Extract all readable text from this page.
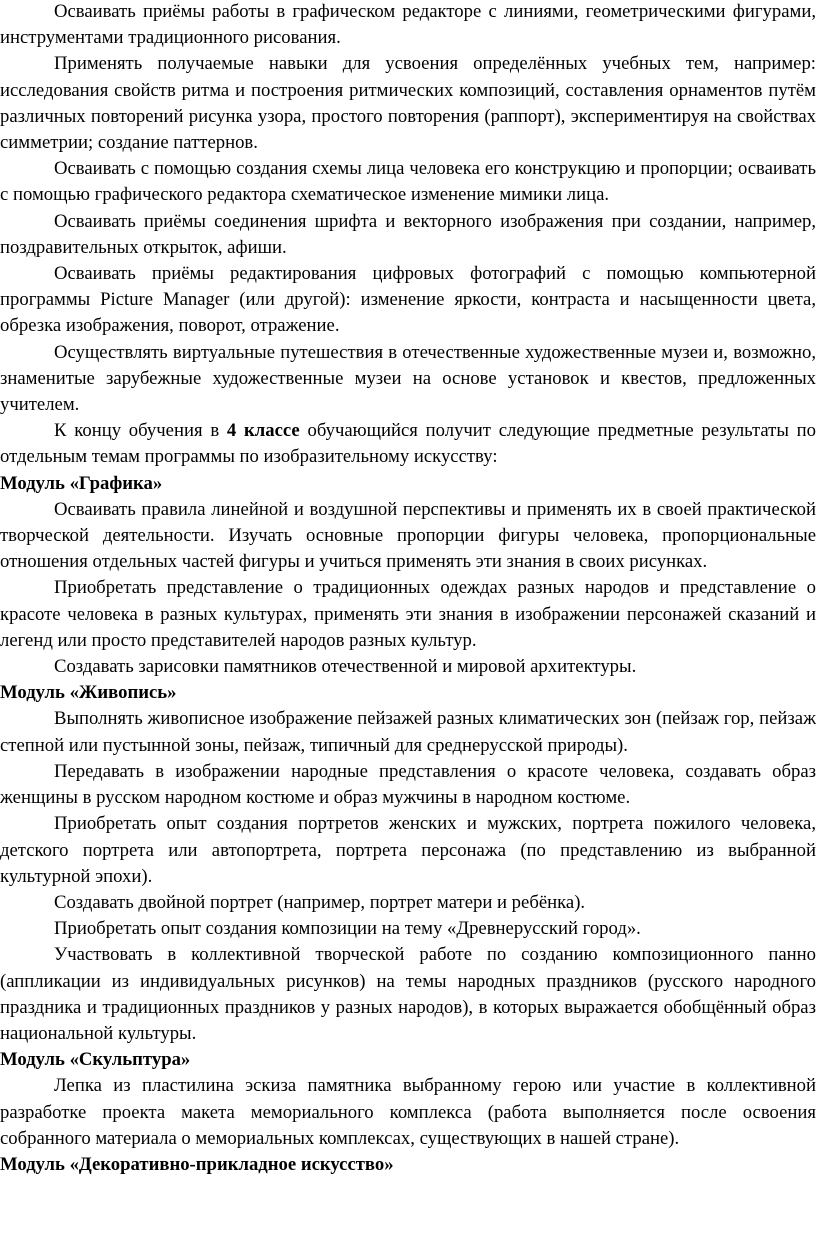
Осваивать приёмы работы в графическом редакторе с линиями, геометрическими фигурами, инструментами традиционного рисования.

Применять получаемые навыки для усвоения определённых учебных тем, например: исследования свойств ритма и построения ритмических композиций, составления орнаментов путём различных повторений рисунка узора, простого повторения (раппорт), экспериментируя на свойствах симметрии; создание паттернов.

Осваивать с помощью создания схемы лица человека его конструкцию и пропорции; осваивать с помощью графического редактора схематическое изменение мимики лица.

Осваивать приёмы соединения шрифта и векторного изображения при создании, например, поздравительных открыток, афиши.

Осваивать приёмы редактирования цифровых фотографий с помощью компьютерной программы Picture Manager (или другой): изменение яркости, контраста и насыщенности цвета, обрезка изображения, поворот, отражение.

Осуществлять виртуальные путешествия в отечественные художественные музеи и, возможно, знаменитые зарубежные художественные музеи на основе установок и квестов, предложенных учителем.

К концу обучения в 4 классе обучающийся получит следующие предметные результаты по отдельным темам программы по изобразительному искусству:

Модуль «Графика»

Осваивать правила линейной и воздушной перспективы и применять их в своей практической творческой деятельности. Изучать основные пропорции фигуры человека, пропорциональные отношения отдельных частей фигуры и учиться применять эти знания в своих рисунках.

Приобретать представление о традиционных одеждах разных народов и представление о красоте человека в разных культурах, применять эти знания в изображении персонажей сказаний и легенд или просто представителей народов разных культур.

Создавать зарисовки памятников отечественной и мировой архитектуры.

Модуль «Живопись»

Выполнять живописное изображение пейзажей разных климатических зон (пейзаж гор, пейзаж степной или пустынной зоны, пейзаж, типичный для среднерусской природы).

Передавать в изображении народные представления о красоте человека, создавать образ женщины в русском народном костюме и образ мужчины в народном костюме.

Приобретать опыт создания портретов женских и мужских, портрета пожилого человека, детского портрета или автопортрета, портрета персонажа (по представлению из выбранной культурной эпохи).

Создавать двойной портрет (например, портрет матери и ребёнка).

Приобретать опыт создания композиции на тему «Древнерусский город».

Участвовать в коллективной творческой работе по созданию композиционного панно (аппликации из индивидуальных рисунков) на темы народных праздников (русского народного праздника и традиционных праздников у разных народов), в которых выражается обобщённый образ национальной культуры.

Модуль «Скульптура»

Лепка из пластилина эскиза памятника выбранному герою или участие в коллективной разработке проекта макета мемориального комплекса (работа выполняется после освоения собранного материала о мемориальных комплексах, существующих в нашей стране).

Модуль «Декоративно-прикладное искусство»
